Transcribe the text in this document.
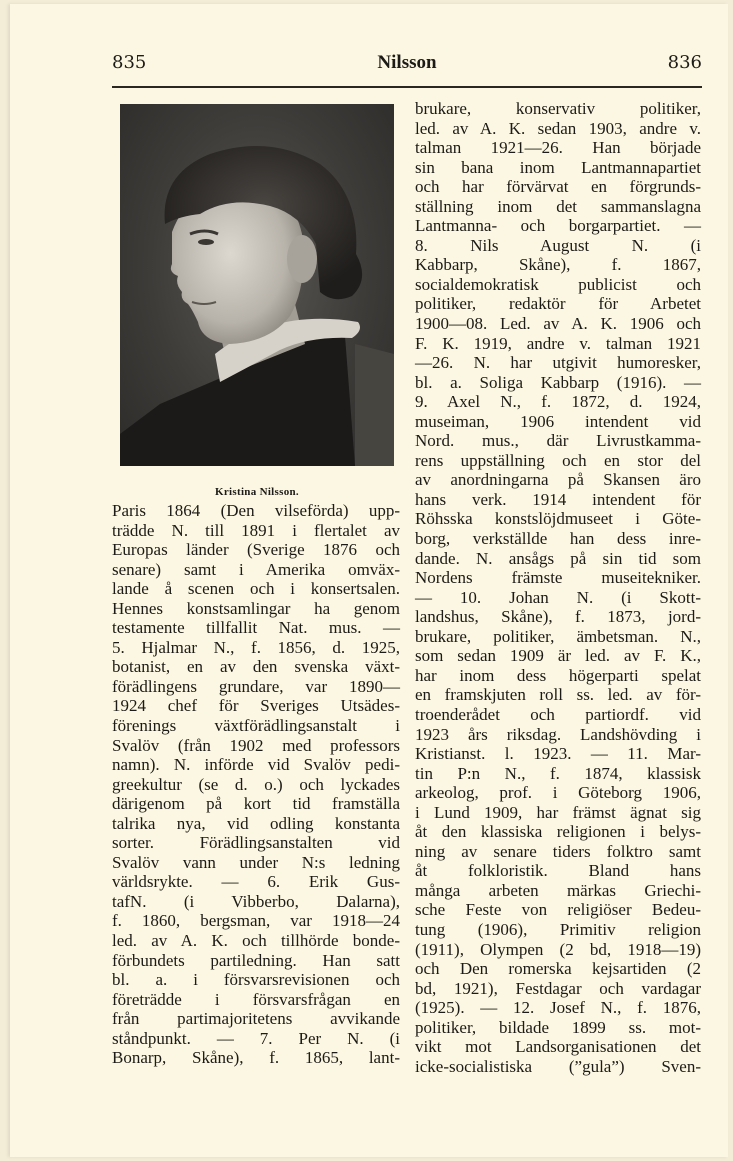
835	Nilsson	836
Kristina Nilsson.
Paris 1864 (Den vilseförda) upp-
trädde N. till 1891 i flertalet av
Europas länder (Sverige 1876 och
senare) samt i Amerika omväx-
lande å scenen och i konsertsalen.
Hennes konstsamlingar ha genom
testamente tillfallit Nat. mus. —
5. Hjalmar N., f. 1856, d. 1925,
botanist, en av den svenska växt-
förädlingens grundare, var 1890—
1924 chef för Sveriges Utsädes-
förenings växtförädlingsanstalt i
Svalöv (från 1902 med professors
namn). N. införde vid Svalöv pedi-
greekultur (se d. o.) och lyckades
därigenom på kort tid framställa
talrika nya, vid odling konstanta
sorter. Förädlingsanstalten vid
Svalöv vann under N:s ledning
världsrykte. — 6. Erik Gus-
tafN. (i Vibberbo, Dalarna),
f. 1860, bergsman, var 1918—24
led. av A. K. och tillhörde bonde-
förbundets partiledning. Han satt
bl. a. i försvarsrevisionen och
företrädde i försvarsfrågan en
från partimajoritetens avvikande
ståndpunkt. — 7. Per N. (i
Bonarp, Skåne), f. 1865, lant-
brukare, konservativ politiker,
led. av A. K. sedan 1903, andre v.
talman 1921—26. Han började
sin bana inom Lantmannapartiet
och har förvärvat en förgrunds-
ställning inom det sammanslagna
Lantmanna- och borgarpartiet. —
8. Nils August N. (i
Kabbarp, Skåne), f. 1867,
socialdemokratisk publicist och
politiker, redaktör för Arbetet
1900—08. Led. av A. K. 1906 och
F. K. 1919, andre v. talman 1921
—26. N. har utgivit humoresker,
bl. a. Soliga Kabbarp (1916). —
9. Axel N., f. 1872, d. 1924,
museiman, 1906 intendent vid
Nord. mus., där Livrustkamma-
rens uppställning och en stor del
av anordningarna på Skansen äro
hans verk. 1914 intendent för
Röhsska konstslöjdmuseet i Göte-
borg, verkställde han dess inre-
dande. N. ansågs på sin tid som
Nordens främste museitekniker.
— 10. Johan N. (i Skott-
landshus, Skåne), f. 1873, jord-
brukare, politiker, ämbetsman. N.,
som sedan 1909 är led. av F. K.,
har inom dess högerparti spelat
en framskjuten roll ss. led. av för-
troenderådet och partiordf. vid
1923 års riksdag. Landshövding i
Kristianst. l. 1923. — 11. Mar-
tin P:n N., f. 1874, klassisk
arkeolog, prof. i Göteborg 1906,
i Lund 1909, har främst ägnat sig
åt den klassiska religionen i belys-
ning av senare tiders folktro samt
åt folkloristik. Bland hans
många arbeten märkas Griechi-
sche Feste von religiöser Bedeu-
tung (1906), Primitiv religion
(1911), Olympen (2 bd, 1918—19)
och Den romerska kejsartiden (2
bd, 1921), Festdagar och vardagar
(1925). — 12. Josef N., f. 1876,
politiker, bildade 1899 ss. mot-
vikt mot Landsorganisationen det
icke-socialistiska (”gula”) Sven-
